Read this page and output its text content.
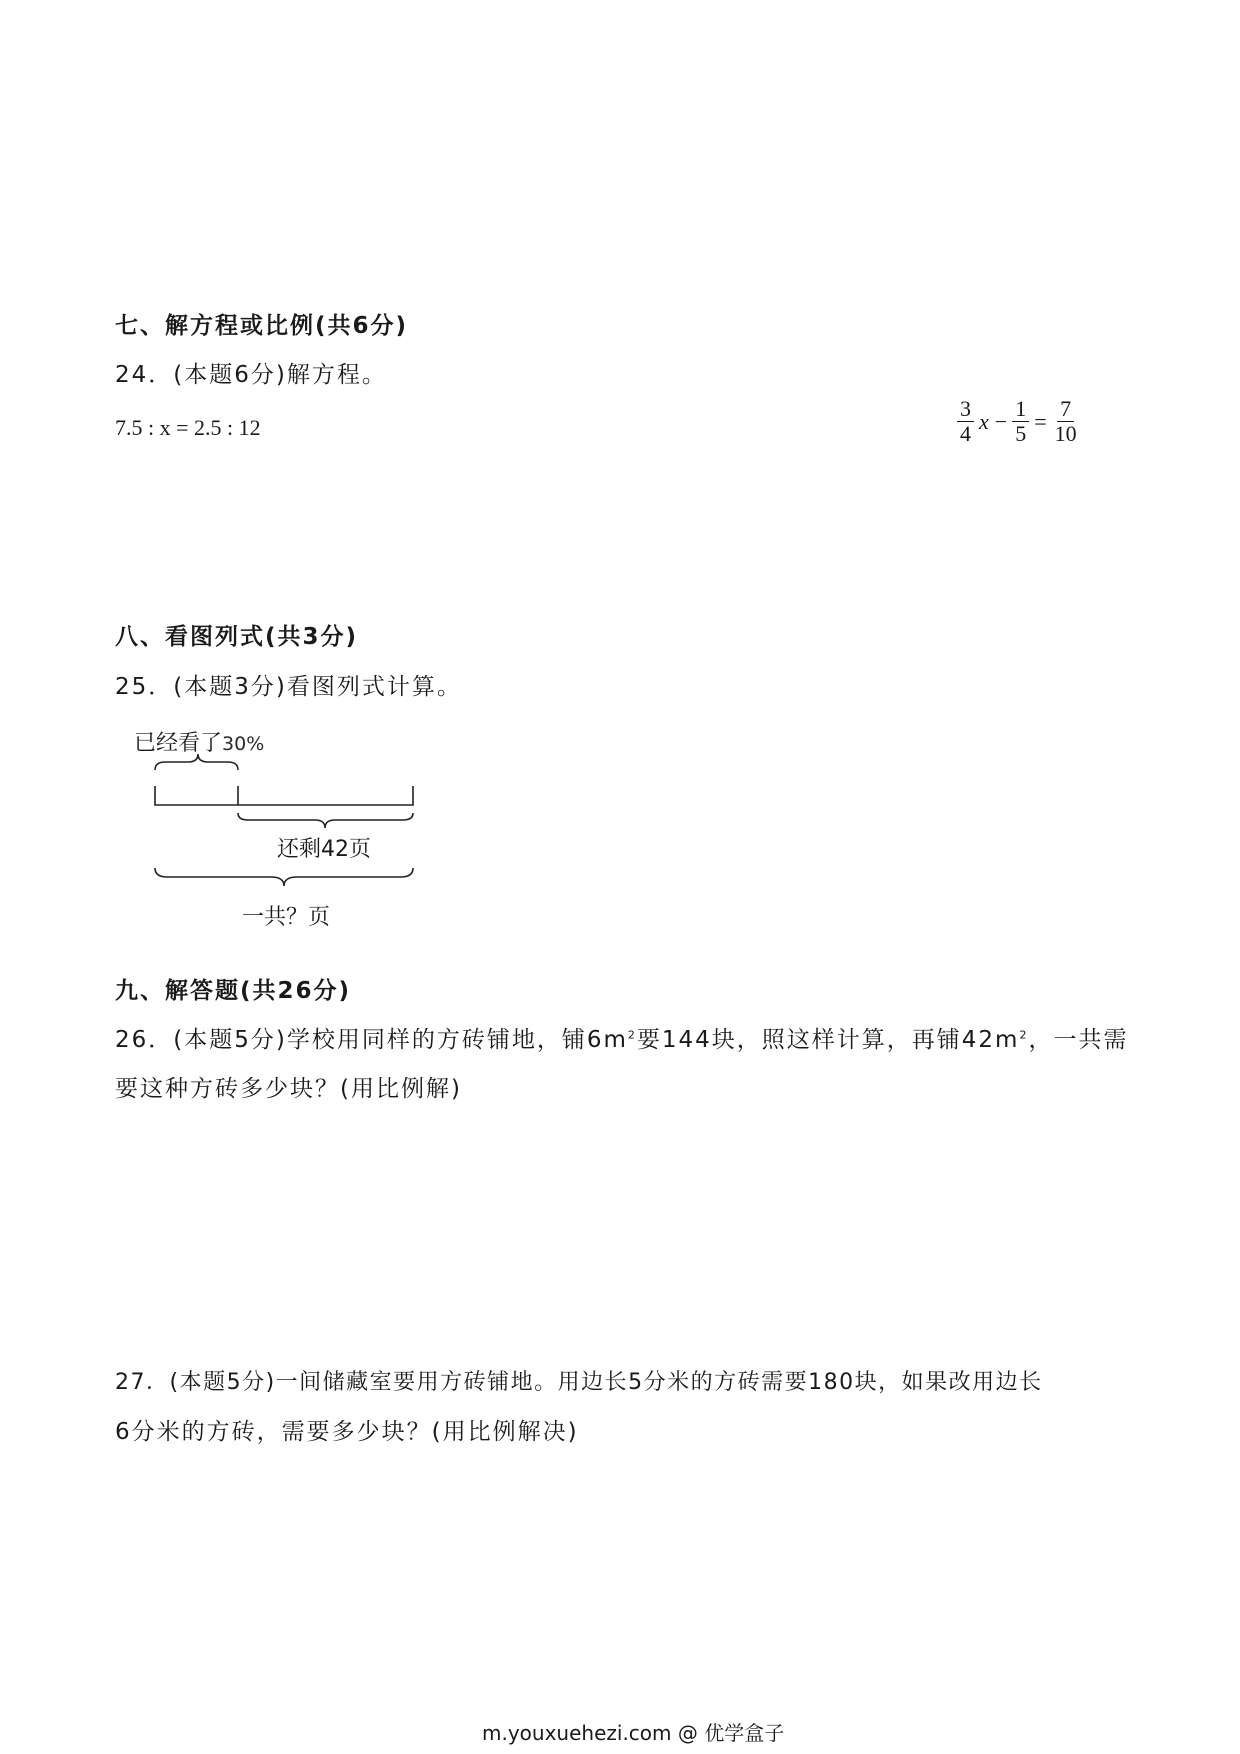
七、解方程或比例(共6分)
24．(本题6分)解方程。
7.5 : x = 2.5 : 12	$\frac{3}{4}$ $x - \frac{1}{5} = \frac{7}{10}$
八、看图列式(共3分)
25．(本题3分)看图列式计算。
已经看了30%
还剩42页
一共？页
九、解答题(共26分)
26．(本题5分)学校用同样的方砖铺地，铺$6m^2$要144块，照这样计算，再铺$42m^2$，一共需
要这种方砖多少块？(用比例解)
27．(本题5分)一间储藏室要用方砖铺地。用边长5分米的方砖需要180块，如果改用边长
6分米的方砖，需要多少块？(用比例解决)
m.youxuehezi.com @ 优学盒子
